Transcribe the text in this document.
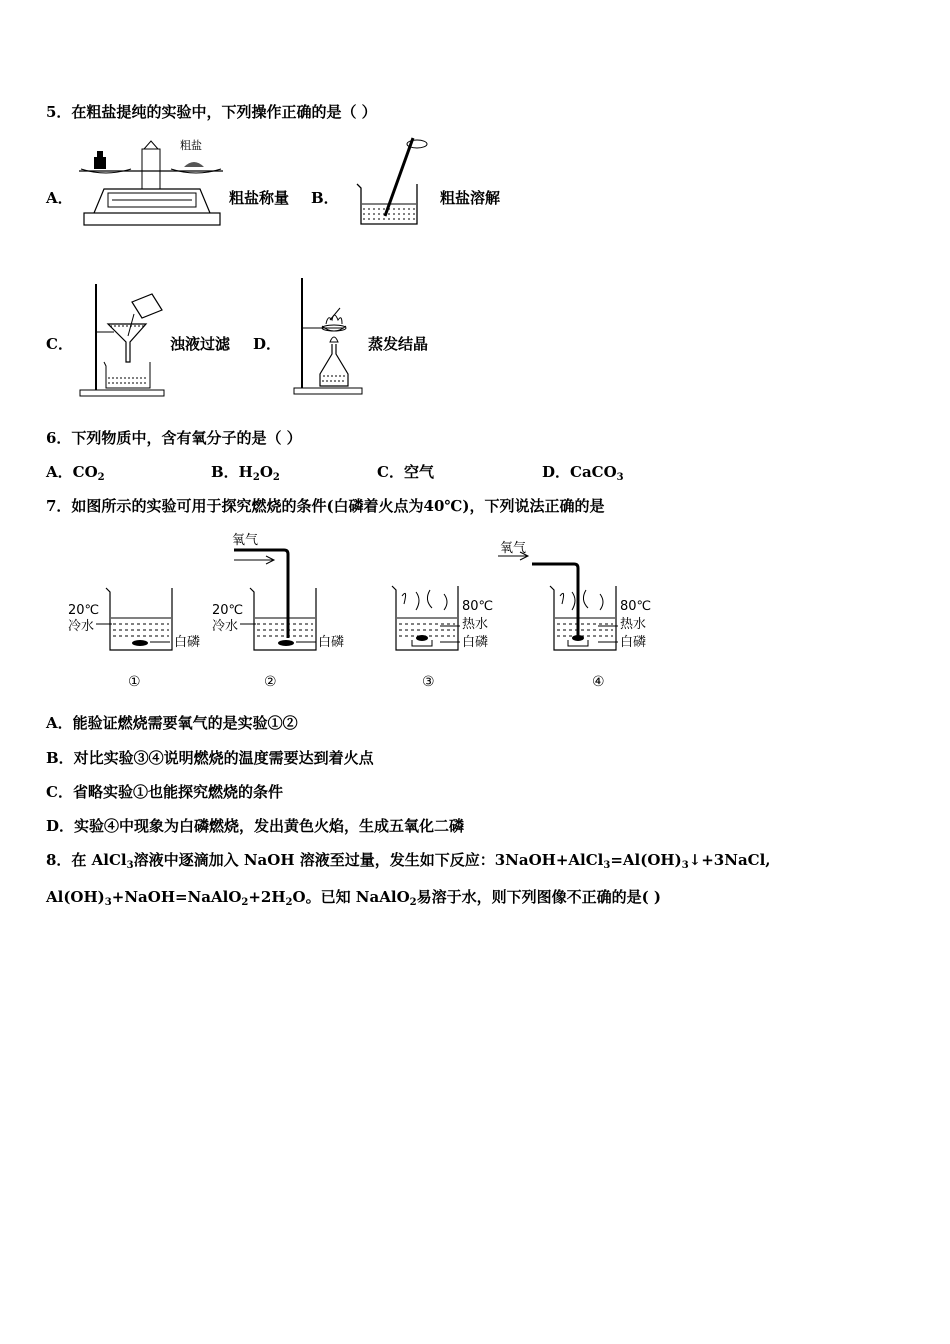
5．在粗盐提纯的实验中，下列操作正确的是（ ）
A．
粗盐
粗盐称量 B．	粗盐溶解
C．	浊液过滤 D．	蒸发结晶
6．下列物质中，含有氧分子的是（ ）
A．$CO_2$	B．$H_2O_2$	C．空气	D．CaCO$_3$
7．如图所示的实验可用于探究燃烧的条件(白磷着火点为40℃)，下列说法正确的是
20℃
冷水
白磷
①
氧气
20℃
冷水
白磷
②
80℃
热水
白磷
③
氧气
80℃
热水
白磷
④
A．能验证燃烧需要氧气的是实验①②
B．对比实验③④说明燃烧的温度需要达到着火点
C．省略实验①也能探究燃烧的条件
D．实验④中现象为白磷燃烧，发出黄色火焰，生成五氧化二磷
8．在 AlCl$_3$溶液中逐滴加入 NaOH 溶液至过量，发生如下反应：$3NaOH+AlCl_3=Al(OH)_3↓+3NaCl$,
$Al(OH)_3+NaOH=NaAlO_2+2H_2O$。已知 NaAlO$_2$易溶于水，则下列图像不正确的是( )
